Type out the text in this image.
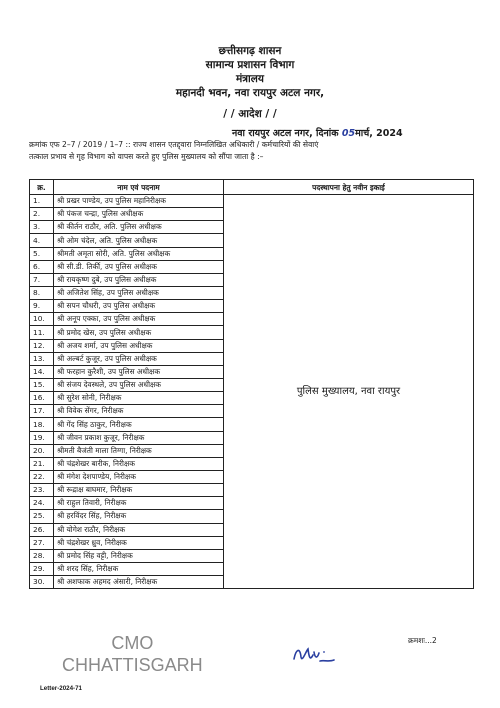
छत्तीसगढ़ शासन
सामान्य प्रशासन विभाग
मंत्रालय
महानदी भवन, नवा रायपुर अटल नगर,
/ / आदेश / /
नवा रायपुर अटल नगर, दिनांक 05मार्च, 2024
क्रमांक एफ 2–7 / 2019 / 1–7 :: राज्य शासन एतद्द्वारा निम्नलिखित अधिकारी / कर्मचारियों की सेवाएं
तत्काल प्रभाव से गृह विभाग को वापस करते हुए पुलिस मुख्यालय को सौंपा जाता है :–
क्र.	नाम एवं पदनाम	पदस्थापना हेतु नवीन इकाई
1.	श्री प्रखर पाण्डेय, उप पुलिस महानिरीक्षक	पुलिस मुख्यालय, नवा रायपुर
2.	श्री पंकज चन्द्रा, पुलिस अधीक्षक	
3.	श्री कीर्तन राठौर, अति. पुलिस अधीक्षक	
4.	श्री ओम चंदेल, अति. पुलिस अधीक्षक	
5.	श्रीमती अमृता सोरी, अति. पुलिस अधीक्षक	
6.	श्री सी.डी. तिर्की, उप पुलिस अधीक्षक	
7.	श्री रायकृष्ण दुबे, उप पुलिस अधीक्षक	
8.	श्री अजितेश सिंह, उप पुलिस अधीक्षक	
9.	श्री सपन चौधरी, उप पुलिस अधीक्षक	
10.	श्री अनूप एक्का, उप पुलिस अधीक्षक	
11.	श्री प्रमोद खेस, उप पुलिस अधीक्षक	
12.	श्री अजय शर्मा, उप पुलिस अधीक्षक	
13.	श्री अल्बर्ट कुजूर, उप पुलिस अधीक्षक	
14.	श्री फरहान कुरैशी, उप पुलिस अधीक्षक	
15.	श्री संजय देवस्थले, उप पुलिस अधीक्षक	
16.	श्री सुरेश सोनी, निरीक्षक	
17.	श्री विवेक सेंगर, निरीक्षक	
18.	श्री गेंद सिंह ठाकुर, निरीक्षक	
19.	श्री जीवन प्रकाश कुजूर, निरीक्षक	
20.	श्रीमती बैजंती माला तिग्गा, निरीक्षक	
21.	श्री चंद्रशेखर बारीक, निरीक्षक	
22.	श्री मंगेश देशपाण्डेय, निरीक्षक	
23.	श्री रूद्राक्ष बाघमार, निरीक्षक	
24.	श्री राहुल तिवारी, निरीक्षक	
25.	श्री हरविंदर सिंह, निरीक्षक	
26.	श्री योगेश राठौर, निरीक्षक	
27.	श्री चंद्रशेखर ध्रुव, निरीक्षक	
28.	श्री प्रमोद सिंह वट्टी, निरीक्षक	
29.	श्री शरद सिंह, निरीक्षक	
30.	श्री अशफाक अहमद अंसारी, निरीक्षक	
CMO
CHHATTISGARH
क्रमशः...2
Letter-2024-71
